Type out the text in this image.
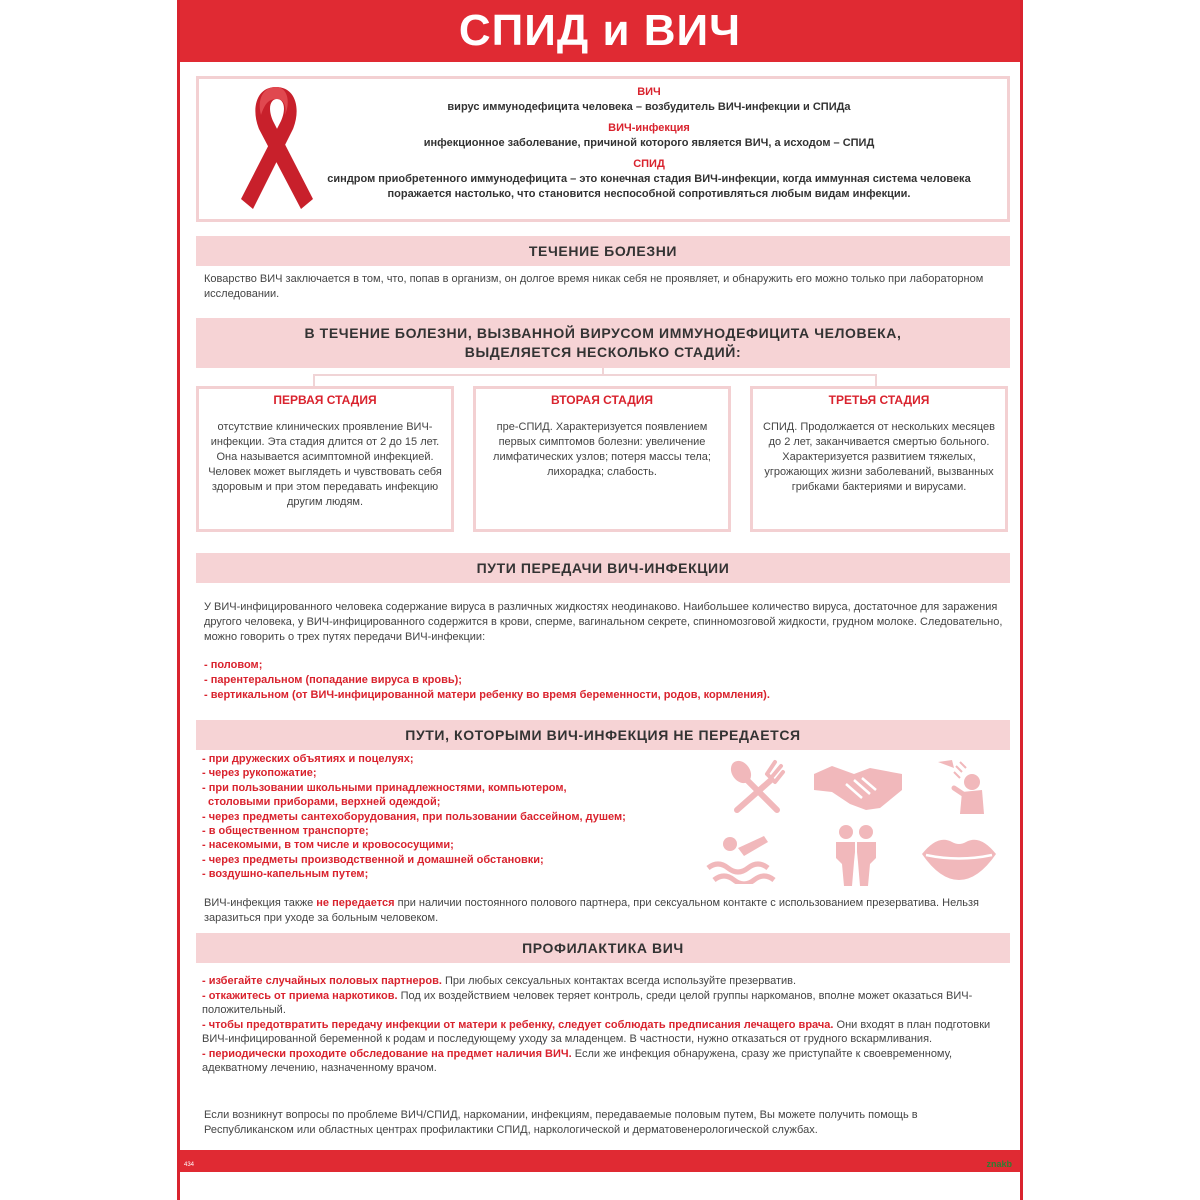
СПИД и ВИЧ
ВИЧ
вирус иммунодефицита человека – возбудитель ВИЧ-инфекции и СПИДа
ВИЧ-инфекция
инфекционное заболевание, причиной которого является ВИЧ, а исходом – СПИД
СПИД
синдром приобретенного иммунодефицита – это конечная стадия ВИЧ-инфекции, когда иммунная система человека поражается настолько, что становится неспособной сопротивляться любым видам инфекции.
ТЕЧЕНИЕ БОЛЕЗНИ
Коварство ВИЧ заключается в том, что, попав в организм, он долгое время никак себя не проявляет, и обнаружить его можно только при лабораторном исследовании.
В ТЕЧЕНИЕ БОЛЕЗНИ, ВЫЗВАННОЙ ВИРУСОМ ИММУНОДЕФИЦИТА ЧЕЛОВЕКА,
ВЫДЕЛЯЕТСЯ НЕСКОЛЬКО СТАДИЙ:
ПЕРВАЯ СТАДИЯ
отсутствие клинических проявление ВИЧ-инфекции. Эта стадия длится от 2 до 15 лет. Она называется асимптомной инфекцией. Человек может выглядеть и чувствовать себя здоровым и при этом передавать инфекцию другим людям.
ВТОРАЯ СТАДИЯ
пре-СПИД. Характеризуется появлением первых симптомов болезни: увеличение лимфатических узлов; потеря массы тела; лихорадка; слабость.
ТРЕТЬЯ СТАДИЯ
СПИД. Продолжается от нескольких месяцев до 2 лет, заканчивается смертью больного. Характеризуется развитием тяжелых, угрожающих жизни заболеваний, вызванных грибками бактериями и вирусами.
ПУТИ ПЕРЕДАЧИ ВИЧ-ИНФЕКЦИИ
У ВИЧ-инфицированного человека содержание вируса в различных жидкостях неодинаково. Наибольшее количество вируса, достаточное для заражения другого человека, у ВИЧ-инфицированного содержится в крови, сперме, вагинальном секрете, спинномозговой жидкости, грудном молоке. Следовательно, можно говорить о трех путях передачи ВИЧ-инфекции:
- половом;
- парентеральном (попадание вируса в кровь);
- вертикальном (от ВИЧ-инфицированной матери ребенку во время беременности, родов, кормления).
ПУТИ, КОТОРЫМИ ВИЧ-ИНФЕКЦИЯ НЕ ПЕРЕДАЕТСЯ
- при дружеских объятиях и поцелуях;
- через рукопожатие;
- при пользовании школьными принадлежностями, компьютером,
столовыми приборами, верхней одеждой;
- через предметы сантехоборудования, при пользовании бассейном, душем;
- в общественном транспорте;
- насекомыми, в том числе и кровососущими;
- через предметы производственной и домашней обстановки;
- воздушно-капельным путем;
ВИЧ-инфекция также не передается при наличии постоянного полового партнера, при сексуальном контакте с использованием презерватива. Нельзя заразиться при уходе за больным человеком.
ПРОФИЛАКТИКА ВИЧ

- избегайте случайных половых партнеров. При любых сексуальных контактах всегда используйте презерватив.

- откажитесь от приема наркотиков. Под их воздействием человек теряет контроль, среди целой группы наркоманов, вполне может оказаться ВИЧ-положительный.

- чтобы предотвратить передачу инфекции от матери к ребенку, следует соблюдать предписания лечащего врача. Они входят в план подготовки ВИЧ-инфицированной беременной к родам и последующему уходу за младенцем. В частности, нужно отказаться от грудного вскармливания.

- периодически проходите обследование на предмет наличия ВИЧ. Если же инфекция обнаружена, сразу же приступайте к своевременному, адекватному лечению, назначенному врачом.

Если возникнут вопросы по проблеме ВИЧ/СПИД, наркомании, инфекциям, передаваемые половым путем, Вы можете получить помощь в Республиканском или областных центрах профилактики СПИД, наркологической и дерматовенерологической службах.
434	znakb
